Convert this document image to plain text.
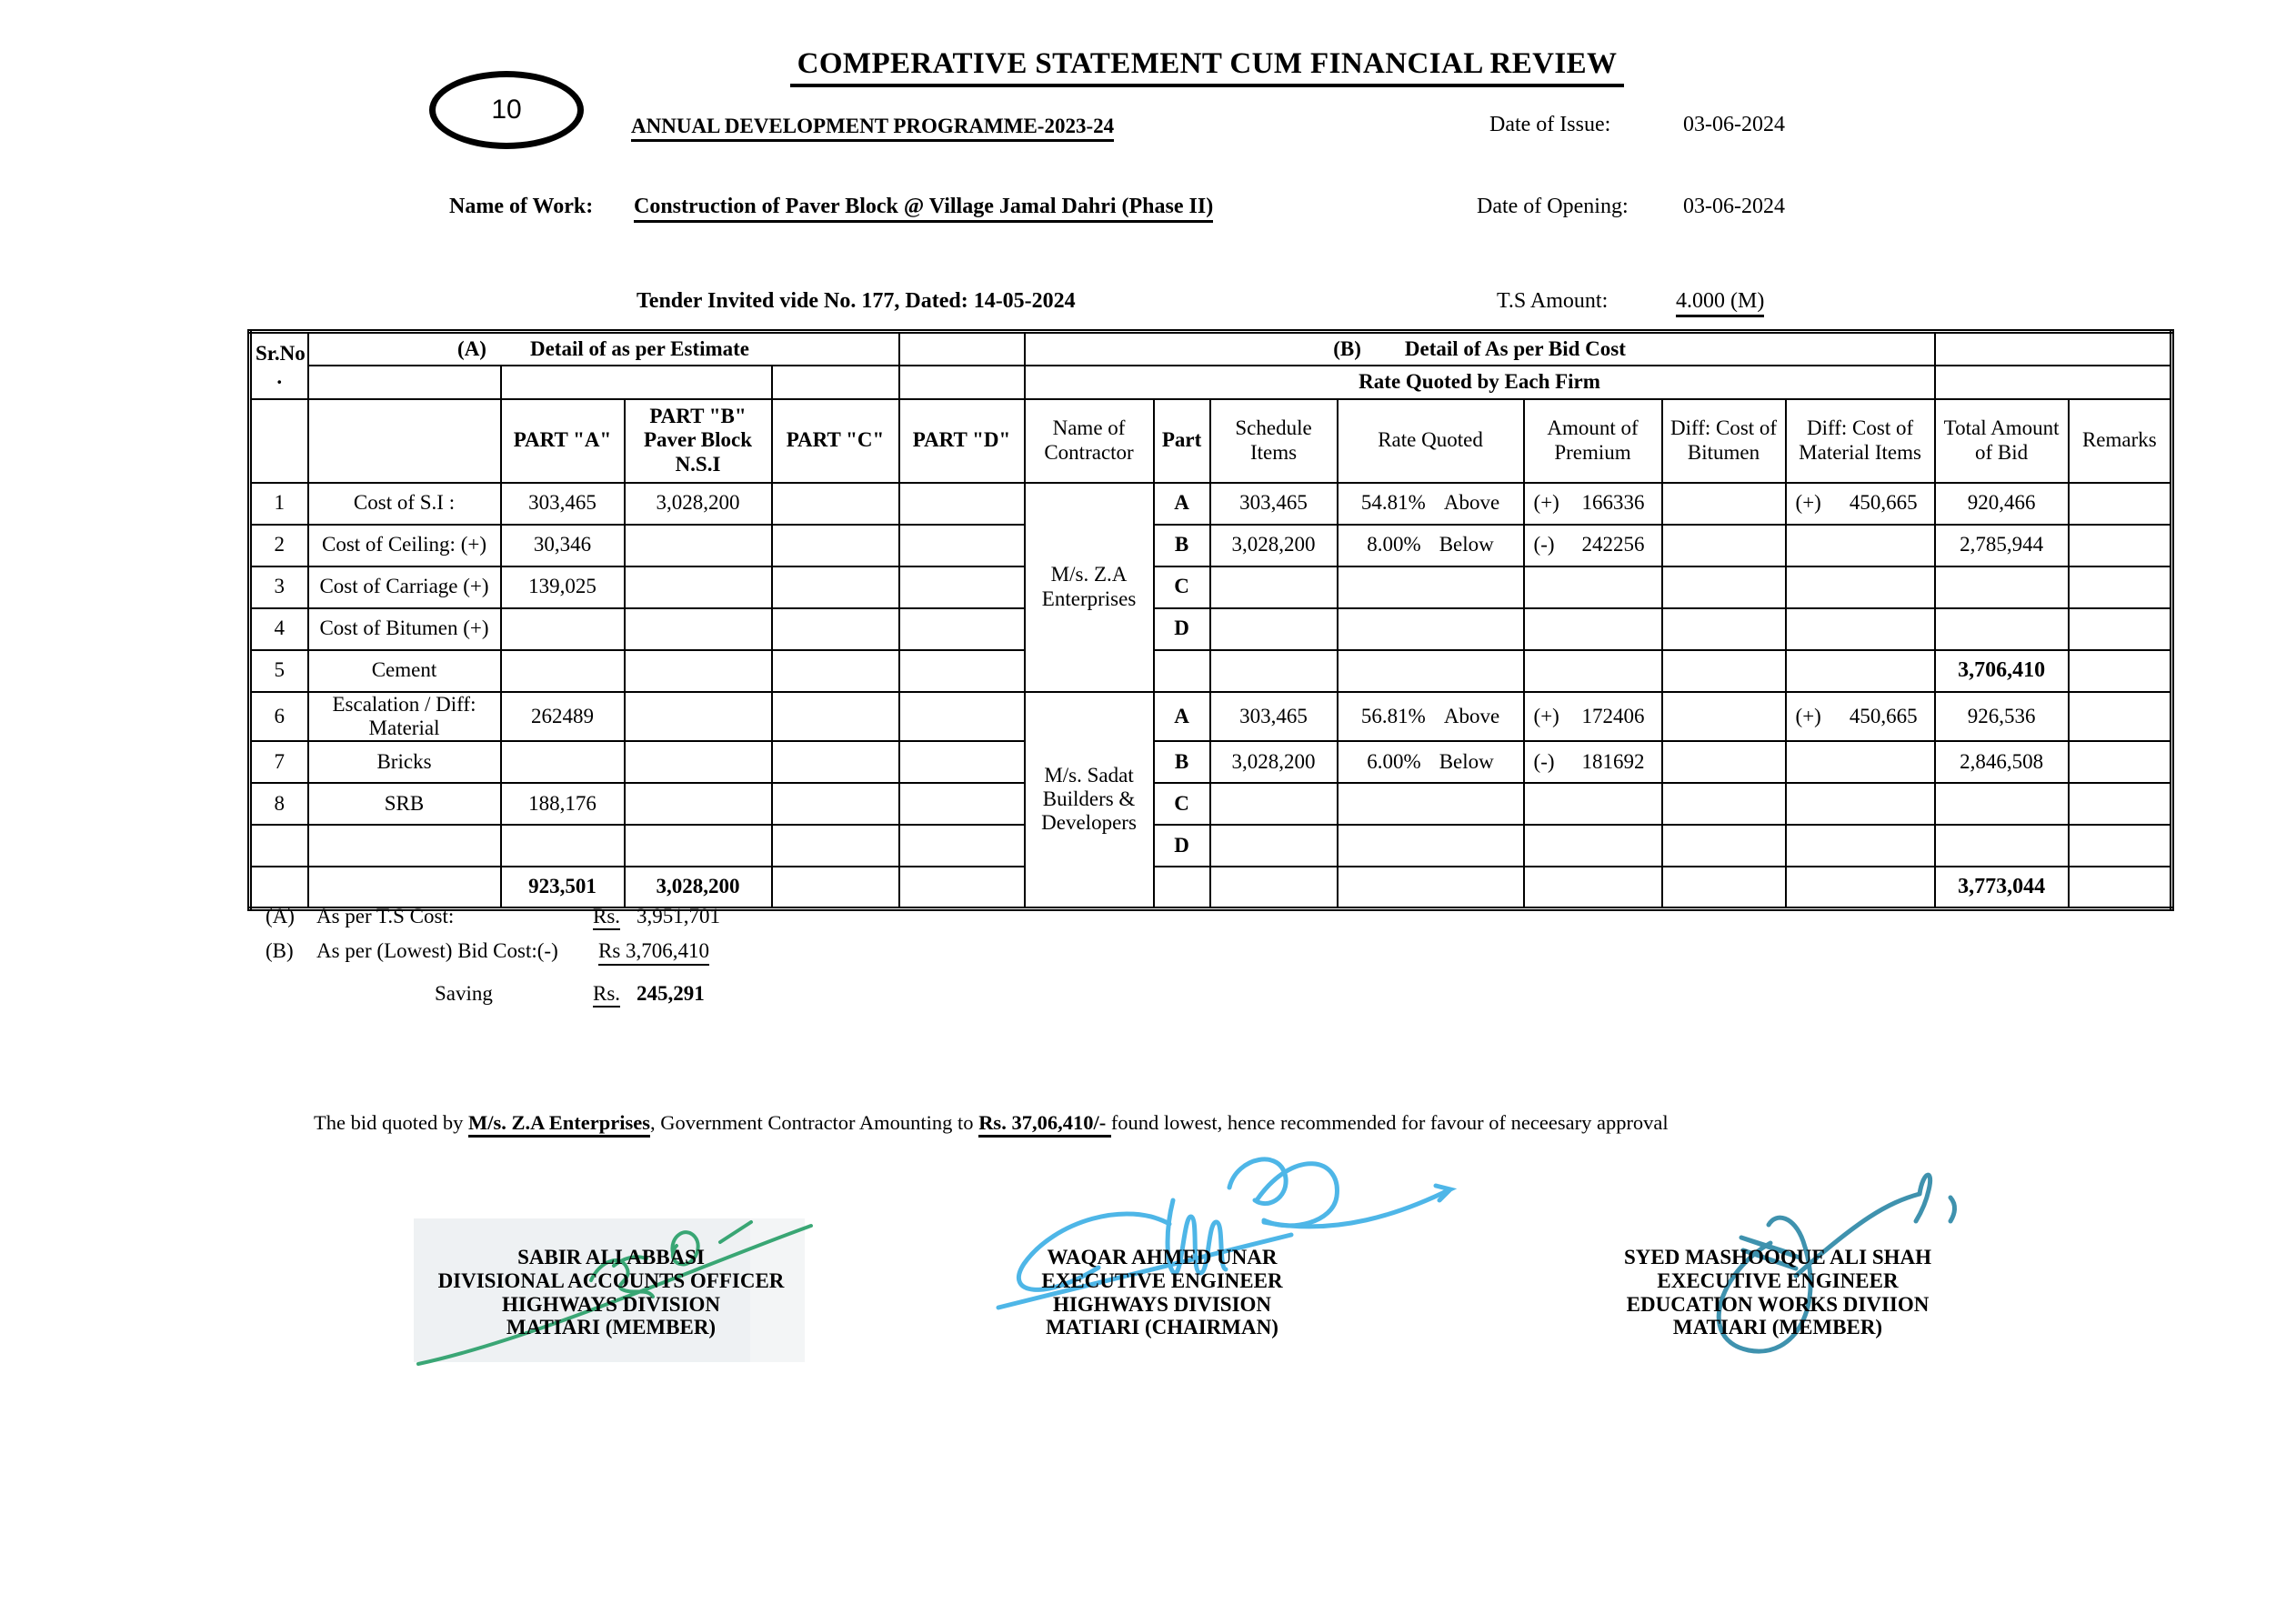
COMPERATIVE STATEMENT CUM FINANCIAL REVIEW
10
ANNUAL DEVELOPMENT PROGRAMME-2023-24	Date of Issue:	03-06-2024
Name of Work: Construction of Paver Block @ Village Jamal Dahri (Phase II)	Date of Opening:	03-06-2024
Tender Invited vide No. 177, Dated: 14-05-2024	T.S Amount:	4.000 (M)
Sr.No
.	(A) Detail of as per Estimate					(B) Detail of As per Bid Cost								
						Rate Quoted by Each Firm								
		PART "A"	PART "B" Paver Block N.S.I	PART "C"	PART "D"	Name of Contractor	Part	Schedule Items	Rate Quoted	Amount of Premium	Diff: Cost of Bitumen	Diff: Cost of Material Items	Total Amount of Bid	Remarks
1	Cost of S.I :	303,465	3,028,200			M/s. Z.A Enterprises	A	303,465	54.81% Above	(+) 166336		(+) 450,665	920,466	
2	Cost of Ceiling: (+)	30,346					B	3,028,200	8.00% Below	(-) 242256			2,785,944	
3	Cost of Carriage (+)	139,025					C							
4	Cost of Bitumen (+)						D							
5	Cement												3,706,410	
6	Escalation / Diff: Material	262489				M/s. Sadat Builders & Developers	A	303,465	56.81% Above	(+) 172406		(+) 450,665	926,536	
7	Bricks						B	3,028,200	6.00% Below	(-) 181692			2,846,508	
8	SRB	188,176					C							
							D							
		923,501	3,028,200										3,773,044	
(A) As per T.S Cost:	Rs. 3,951,701
(B) As per (Lowest) Bid Cost:(-) Rs 3,706,410
Saving	Rs. 245,291
The bid quoted by M/s. Z.A Enterprises, Government Contractor Amounting to Rs. 37,06,410/- found lowest, hence recommended for favour of neceesary approval
SABIR ALI ABBASI
DIVISIONAL ACCOUNTS OFFICER
HIGHWAYS DIVISION
MATIARI (MEMBER)
WAQAR AHMED UNAR
EXECUTIVE ENGINEER
HIGHWAYS DIVISION
MATIARI (CHAIRMAN)
SYED MASHOOQUE ALI SHAH
EXECUTIVE ENGINEER
EDUCATION WORKS DIVIION
MATIARI (MEMBER)
